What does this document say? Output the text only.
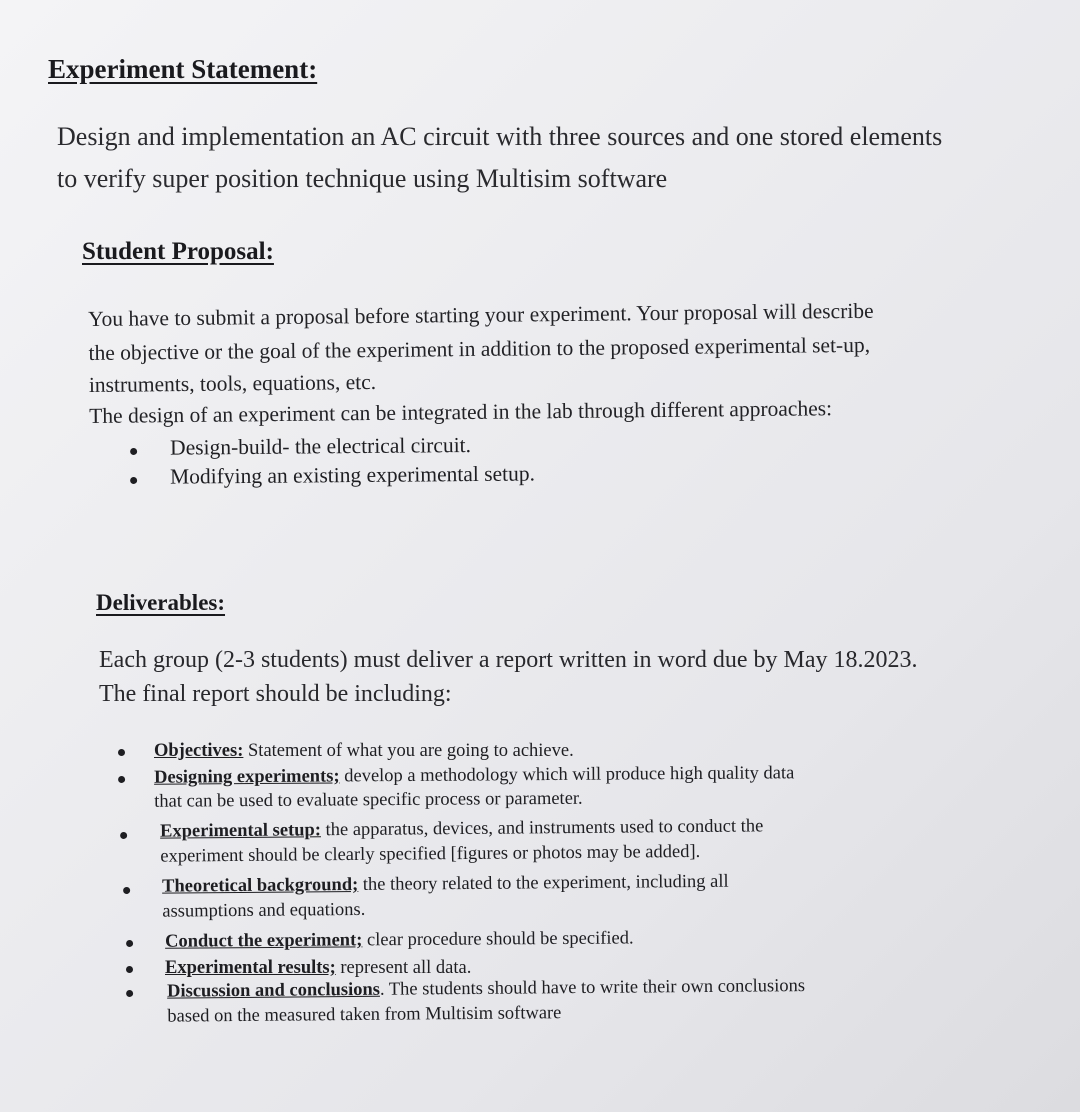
Experiment Statement:
Design and implementation an AC circuit with three sources and one stored elements
to verify super position technique using Multisim software
Student Proposal:
You have to submit a proposal before starting your experiment. Your proposal will describe
the objective or the goal of the experiment in addition to the proposed experimental set-up,
instruments, tools, equations, etc.
The design of an experiment can be integrated in the lab through different approaches:
Design-build- the electrical circuit.
Modifying an existing experimental setup.
Deliverables:
Each group (2-3 students) must deliver a report written in word due by May 18.2023.
The final report should be including:
Objectives: Statement of what you are going to achieve.
Designing experiments; develop a methodology which will produce high quality data
that can be used to evaluate specific process or parameter.
Experimental setup: the apparatus, devices, and instruments used to conduct the
experiment should be clearly specified [figures or photos may be added].
Theoretical background; the theory related to the experiment, including all
assumptions and equations.
Conduct the experiment; clear procedure should be specified.
Experimental results; represent all data.
Discussion and conclusions. The students should have to write their own conclusions
based on the measured taken from Multisim software
